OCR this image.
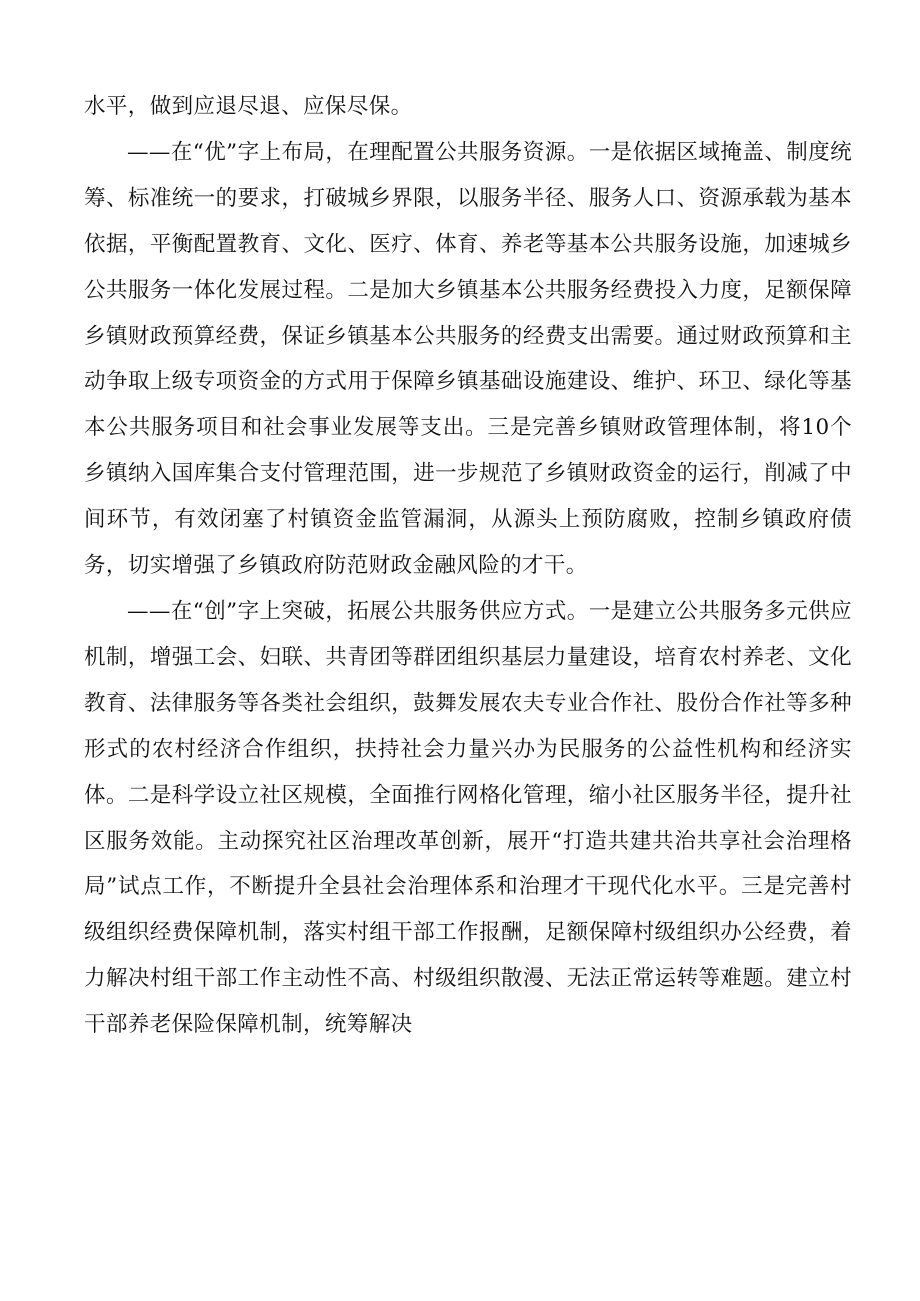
水平，做到应退尽退、应保尽保。

——在“优”字上布局，在理配置公共服务资源。一是依据区域掩盖、制度统筹、标准统一的要求，打破城乡界限，以服务半径、服务人口、资源承载为基本依据，平衡配置教育、文化、医疗、体育、养老等基本公共服务设施，加速城乡公共服务一体化发展过程。二是加大乡镇基本公共服务经费投入力度，足额保障乡镇财政预算经费，保证乡镇基本公共服务的经费支出需要。通过财政预算和主动争取上级专项资金的方式用于保障乡镇基础设施建设、维护、环卫、绿化等基本公共服务项目和社会事业发展等支出。三是完善乡镇财政管理体制，将10个乡镇纳入国库集合支付管理范围，进一步规范了乡镇财政资金的运行，削减了中间环节，有效闭塞了村镇资金监管漏洞，从源头上预防腐败，控制乡镇政府债务，切实增强了乡镇政府防范财政金融风险的才干。

——在“创”字上突破，拓展公共服务供应方式。一是建立公共服务多元供应机制，增强工会、妇联、共青团等群团组织基层力量建设，培育农村养老、文化教育、法律服务等各类社会组织，鼓舞发展农夫专业合作社、股份合作社等多种形式的农村经济合作组织，扶持社会力量兴办为民服务的公益性机构和经济实体。二是科学设立社区规模，全面推行网格化管理，缩小社区服务半径，提升社区服务效能。主动探究社区治理改革创新，展开“打造共建共治共享社会治理格局”试点工作，不断提升全县社会治理体系和治理才干现代化水平。三是完善村级组织经费保障机制，落实村组干部工作报酬，足额保障村级组织办公经费，着力解决村组干部工作主动性不高、村级组织散漫、无法正常运转等难题。建立村干部养老保险保障机制，统筹解决
